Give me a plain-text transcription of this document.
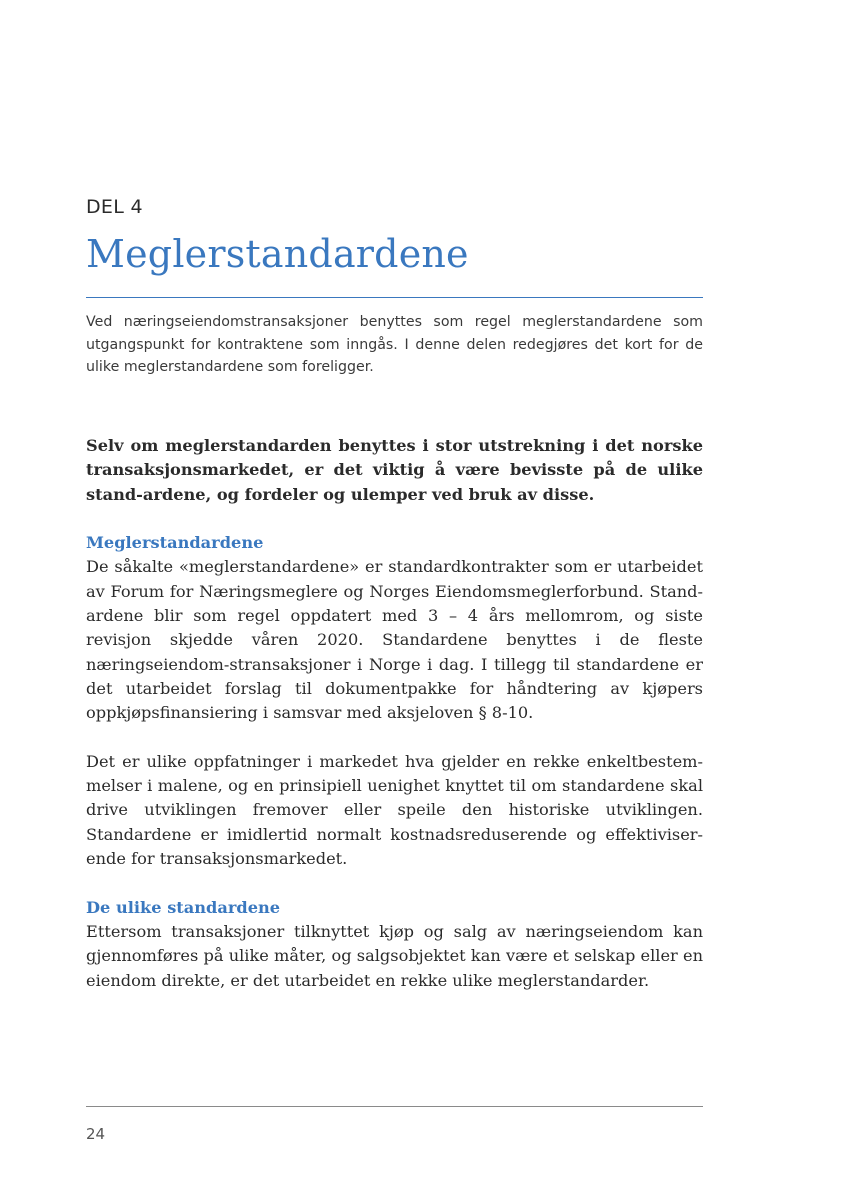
DEL 4
Meglerstandardene

Ved næringseiendomstransaksjoner benyttes som regel meglerstandardene som utgangspunkt for kontraktene som inngås. I denne delen redegjøres det kort for de ulike meglerstandardene som foreligger.

Selv om meglerstandarden benyttes i stor utstrekning i det norske transaksjonsmarkedet, er det viktig å være bevisste på de ulike stand-ardene, og fordeler og ulemper ved bruk av disse.

Meglerstandardene
De såkalte «meglerstandardene» er standardkontrakter som er utarbeidet av Forum for Næringsmeglere og Norges Eiendomsmeglerforbund. Stand-ardene blir som regel oppdatert med 3 – 4 års mellomrom, og siste revisjon skjedde våren 2020. Standardene benyttes i de fleste næringseiendom-stransaksjoner i Norge i dag. I tillegg til standardene er det utarbeidet forslag til dokumentpakke for håndtering av kjøpers oppkjøpsfinansiering i samsvar med aksjeloven § 8-10.

Det er ulike oppfatninger i markedet hva gjelder en rekke enkeltbestem-melser i malene, og en prinsipiell uenighet knyttet til om standardene skal drive utviklingen fremover eller speile den historiske utviklingen. Standardene er imidlertid normalt kostnadsreduserende og effektiviser-ende for transaksjonsmarkedet.

De ulike standardene
Ettersom transaksjoner tilknyttet kjøp og salg av næringseiendom kan gjennomføres på ulike måter, og salgsobjektet kan være et selskap eller en eiendom direkte, er det utarbeidet en rekke ulike meglerstandarder.

24
